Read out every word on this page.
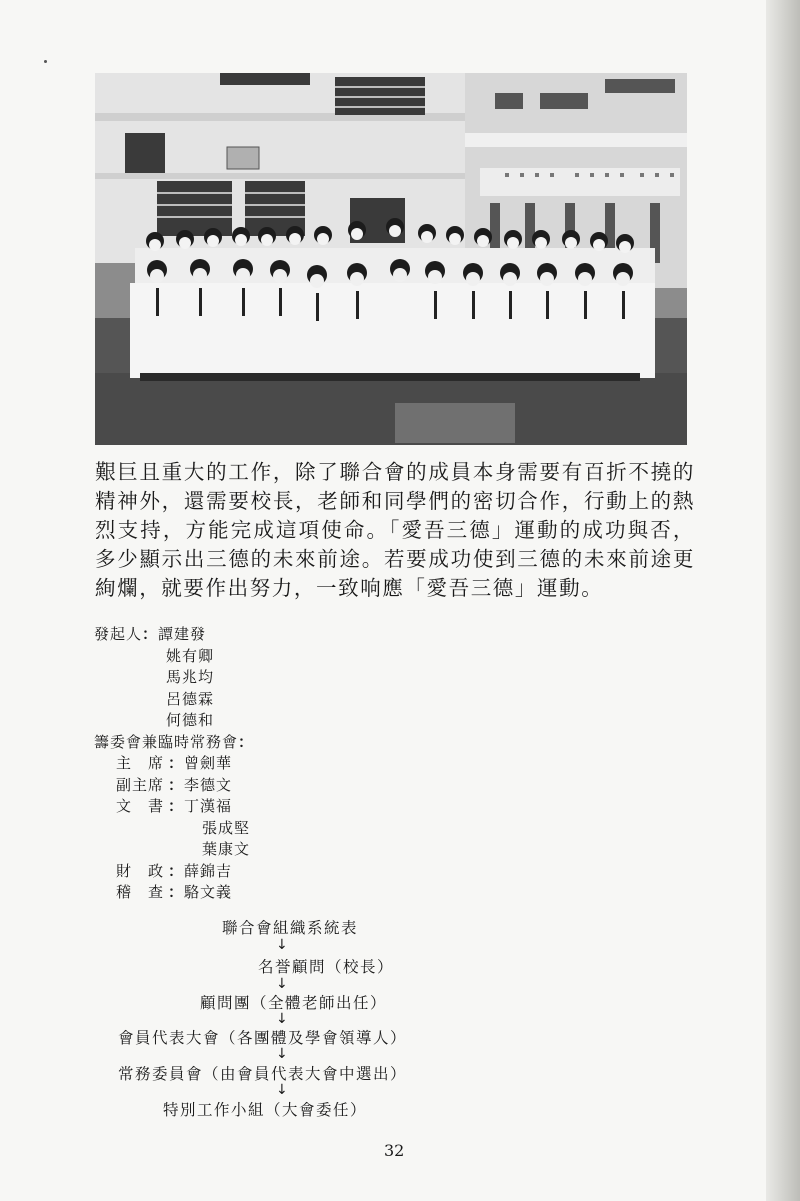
艱巨且重大的工作，除了聯合會的成員本身需要有百折不撓的精神外，還需要校長，老師和同學們的密切合作，行動上的熱烈支持，方能完成這項使命。「愛吾三德」運動的成功與否，多少顯示出三德的未來前途。若要成功使到三德的未來前途更絢爛，就要作出努力，一致响應「愛吾三德」運動。

發起人：譚建發
姚有卿
馬兆均
呂德霖
何德和
籌委會兼臨時常務會：
主　席 ：曾劍華
副主席 ：李德文
文　書 ：丁漢福
張成堅
葉康文
財　政 ：薛錦吉
稽　查 ：駱文義
聯合會組織系統表
↓
名誉顧問（校長）
↓
顧問團（全體老師出任）
↓
會員代表大會（各團體及學會領導人）
↓
常務委員會（由會員代表大會中選出）
↓
特別工作小組（大會委任）
32
